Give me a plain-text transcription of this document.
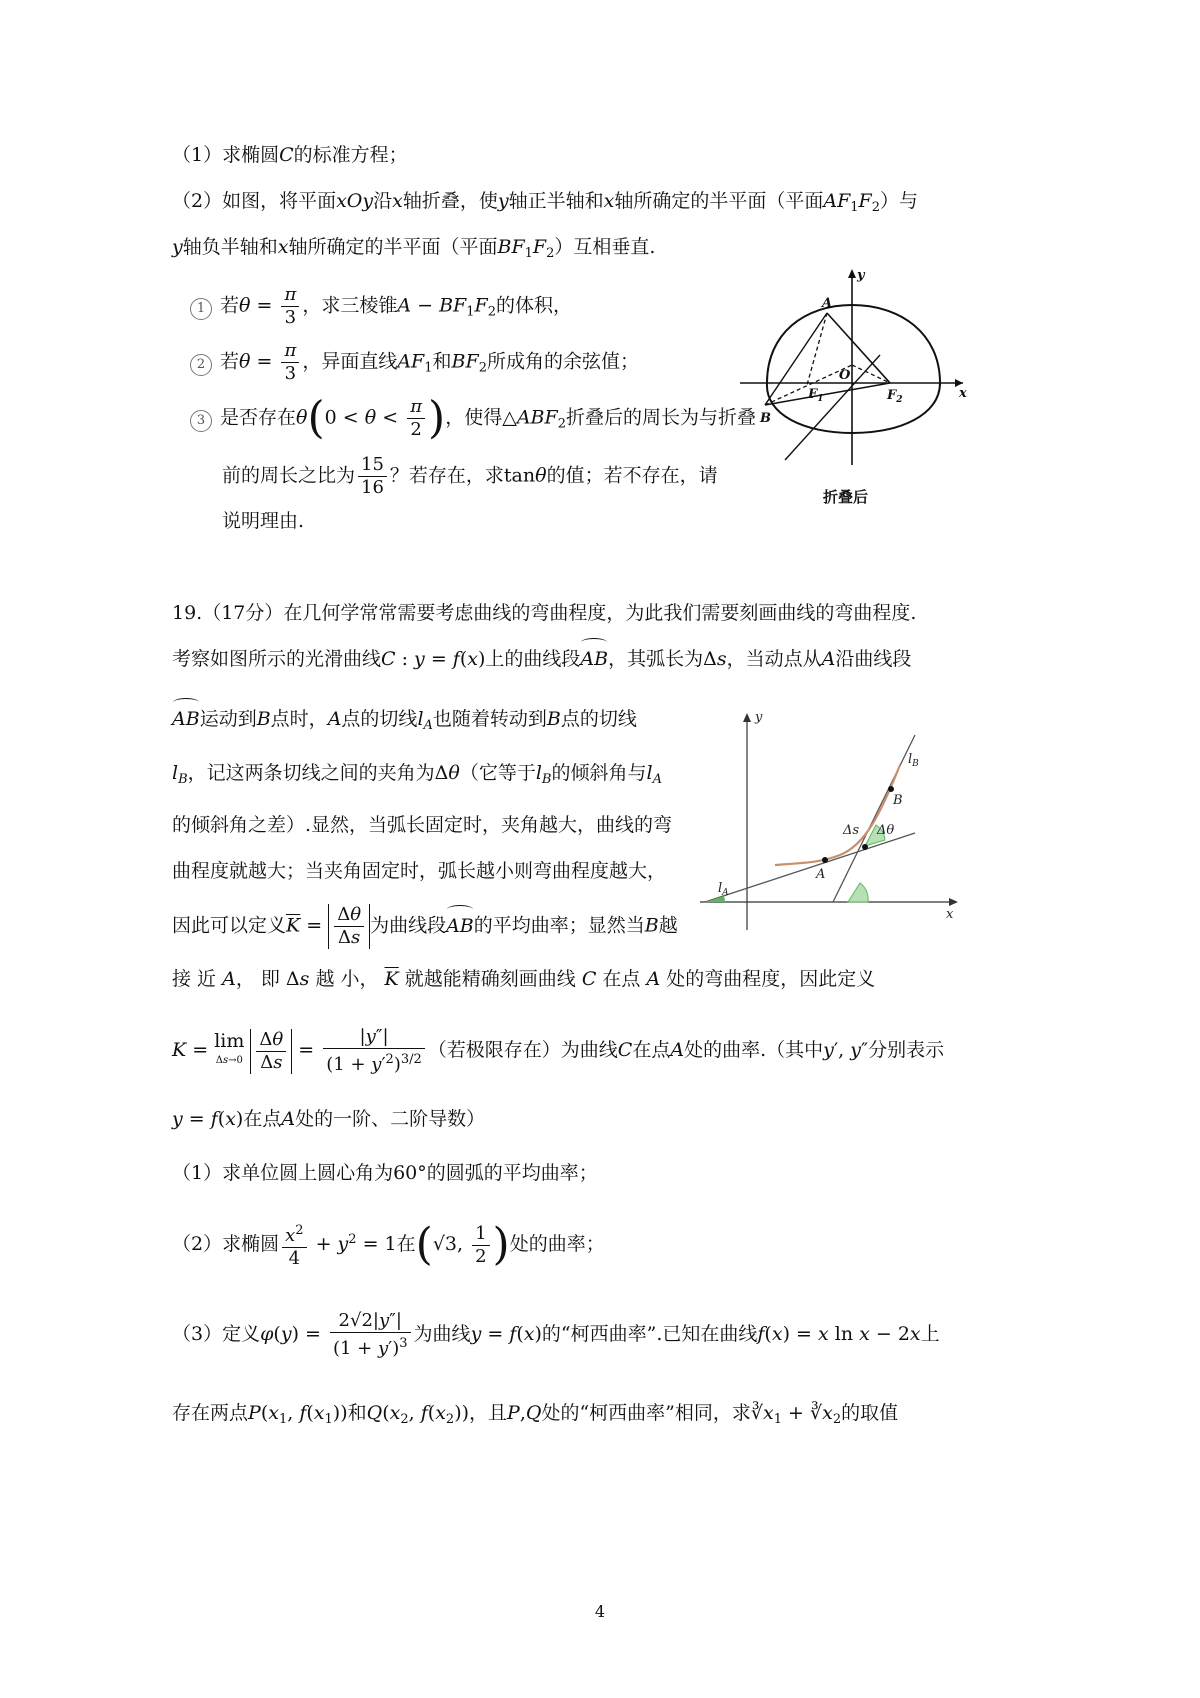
（1）求椭圆C的标准方程；
（2）如图，将平面xOy沿x轴折叠，使y轴正半轴和x轴所确定的半平面（平面$AF_1F_2$）与
y轴负半轴和x轴所确定的半平面（平面$BF_1F_2$）互相垂直.
1 若$\theta = \frac{\pi}{3}$ ，求三棱锥$A - BF_1F_2$的体积，
2 若$\theta = \frac{\pi}{3}$ ，异面直线$AF_1$和$BF_2$所成角的余弦值；
3 是否存在$\theta(0 < \theta < \frac{\pi}{2}$ )，使得$\triangle ABF_2$折叠后的周长为与折叠
前的周长之比为 $\frac{15}{16}$ ？若存在，求tanθ的值；若不存在，请
说明理由.
A
B
O
$F_1$	$F_2$
y
x
折叠后
19.（17分）在几何学常常需要考虑曲线的弯曲程度，为此我们需要刻画曲线的弯曲程度.
考察如图所示的光滑曲线C : y = f(x)上的曲线段AB，其弧长为Δs，当动点从A沿曲线段
AB运动到B点时，A点的切线$l_A$也随着转动到B点的切线
$l_B$，记这两条切线之间的夹角为Δθ（它等于$l_B$的倾斜角与$l_A$
的倾斜角之差）.显然，当弧长固定时，夹角越大，曲线的弯
曲程度就越大；当夹角固定时，弧长越小则弯曲程度越大，
因此可以定义$\overline{K} = \frac{\Delta\theta}{\Delta s}$ 为曲线段AB的平均曲率；显然当B越
y
x
A
B
$l_A$
$l_B$
Δs Δθ
接 近 A， 即 Δs 越 小， $\overline{K}$ 就越能精确刻画曲线 C 在点 A 处的弯曲程度，因此定义
K = lim
$\Delta s\to 0 \frac{\Delta\theta}{\Delta s} = \frac{|y''|}{(1 + y'^2)^{3/2}}$ （若极限存在）为曲线C在点A处的曲率.（其中y′, y″分别表示
y = f(x)在点A处的一阶、二阶导数）
（1）求单位圆上圆心角为60°的圆弧的平均曲率；
（2）求椭圆 $\frac{x^2}{4} + y^2 = 1$在(√3, $\frac{1}{2}$ )处的曲率；
（3）定义$\varphi(y) = \frac{2√2|y''|}{(1 + y')^3}$ 为曲线y = f(x)的“柯西曲率”.已知在曲线f(x) = x ln x − 2x上
存在两点$P(x_1$, $f(x_1)$)和$Q(x_2$, $f(x_2)$)，且P,Q处的“柯西曲率”相同，求$∛x_1$ + $∛x_2$的取值
4
